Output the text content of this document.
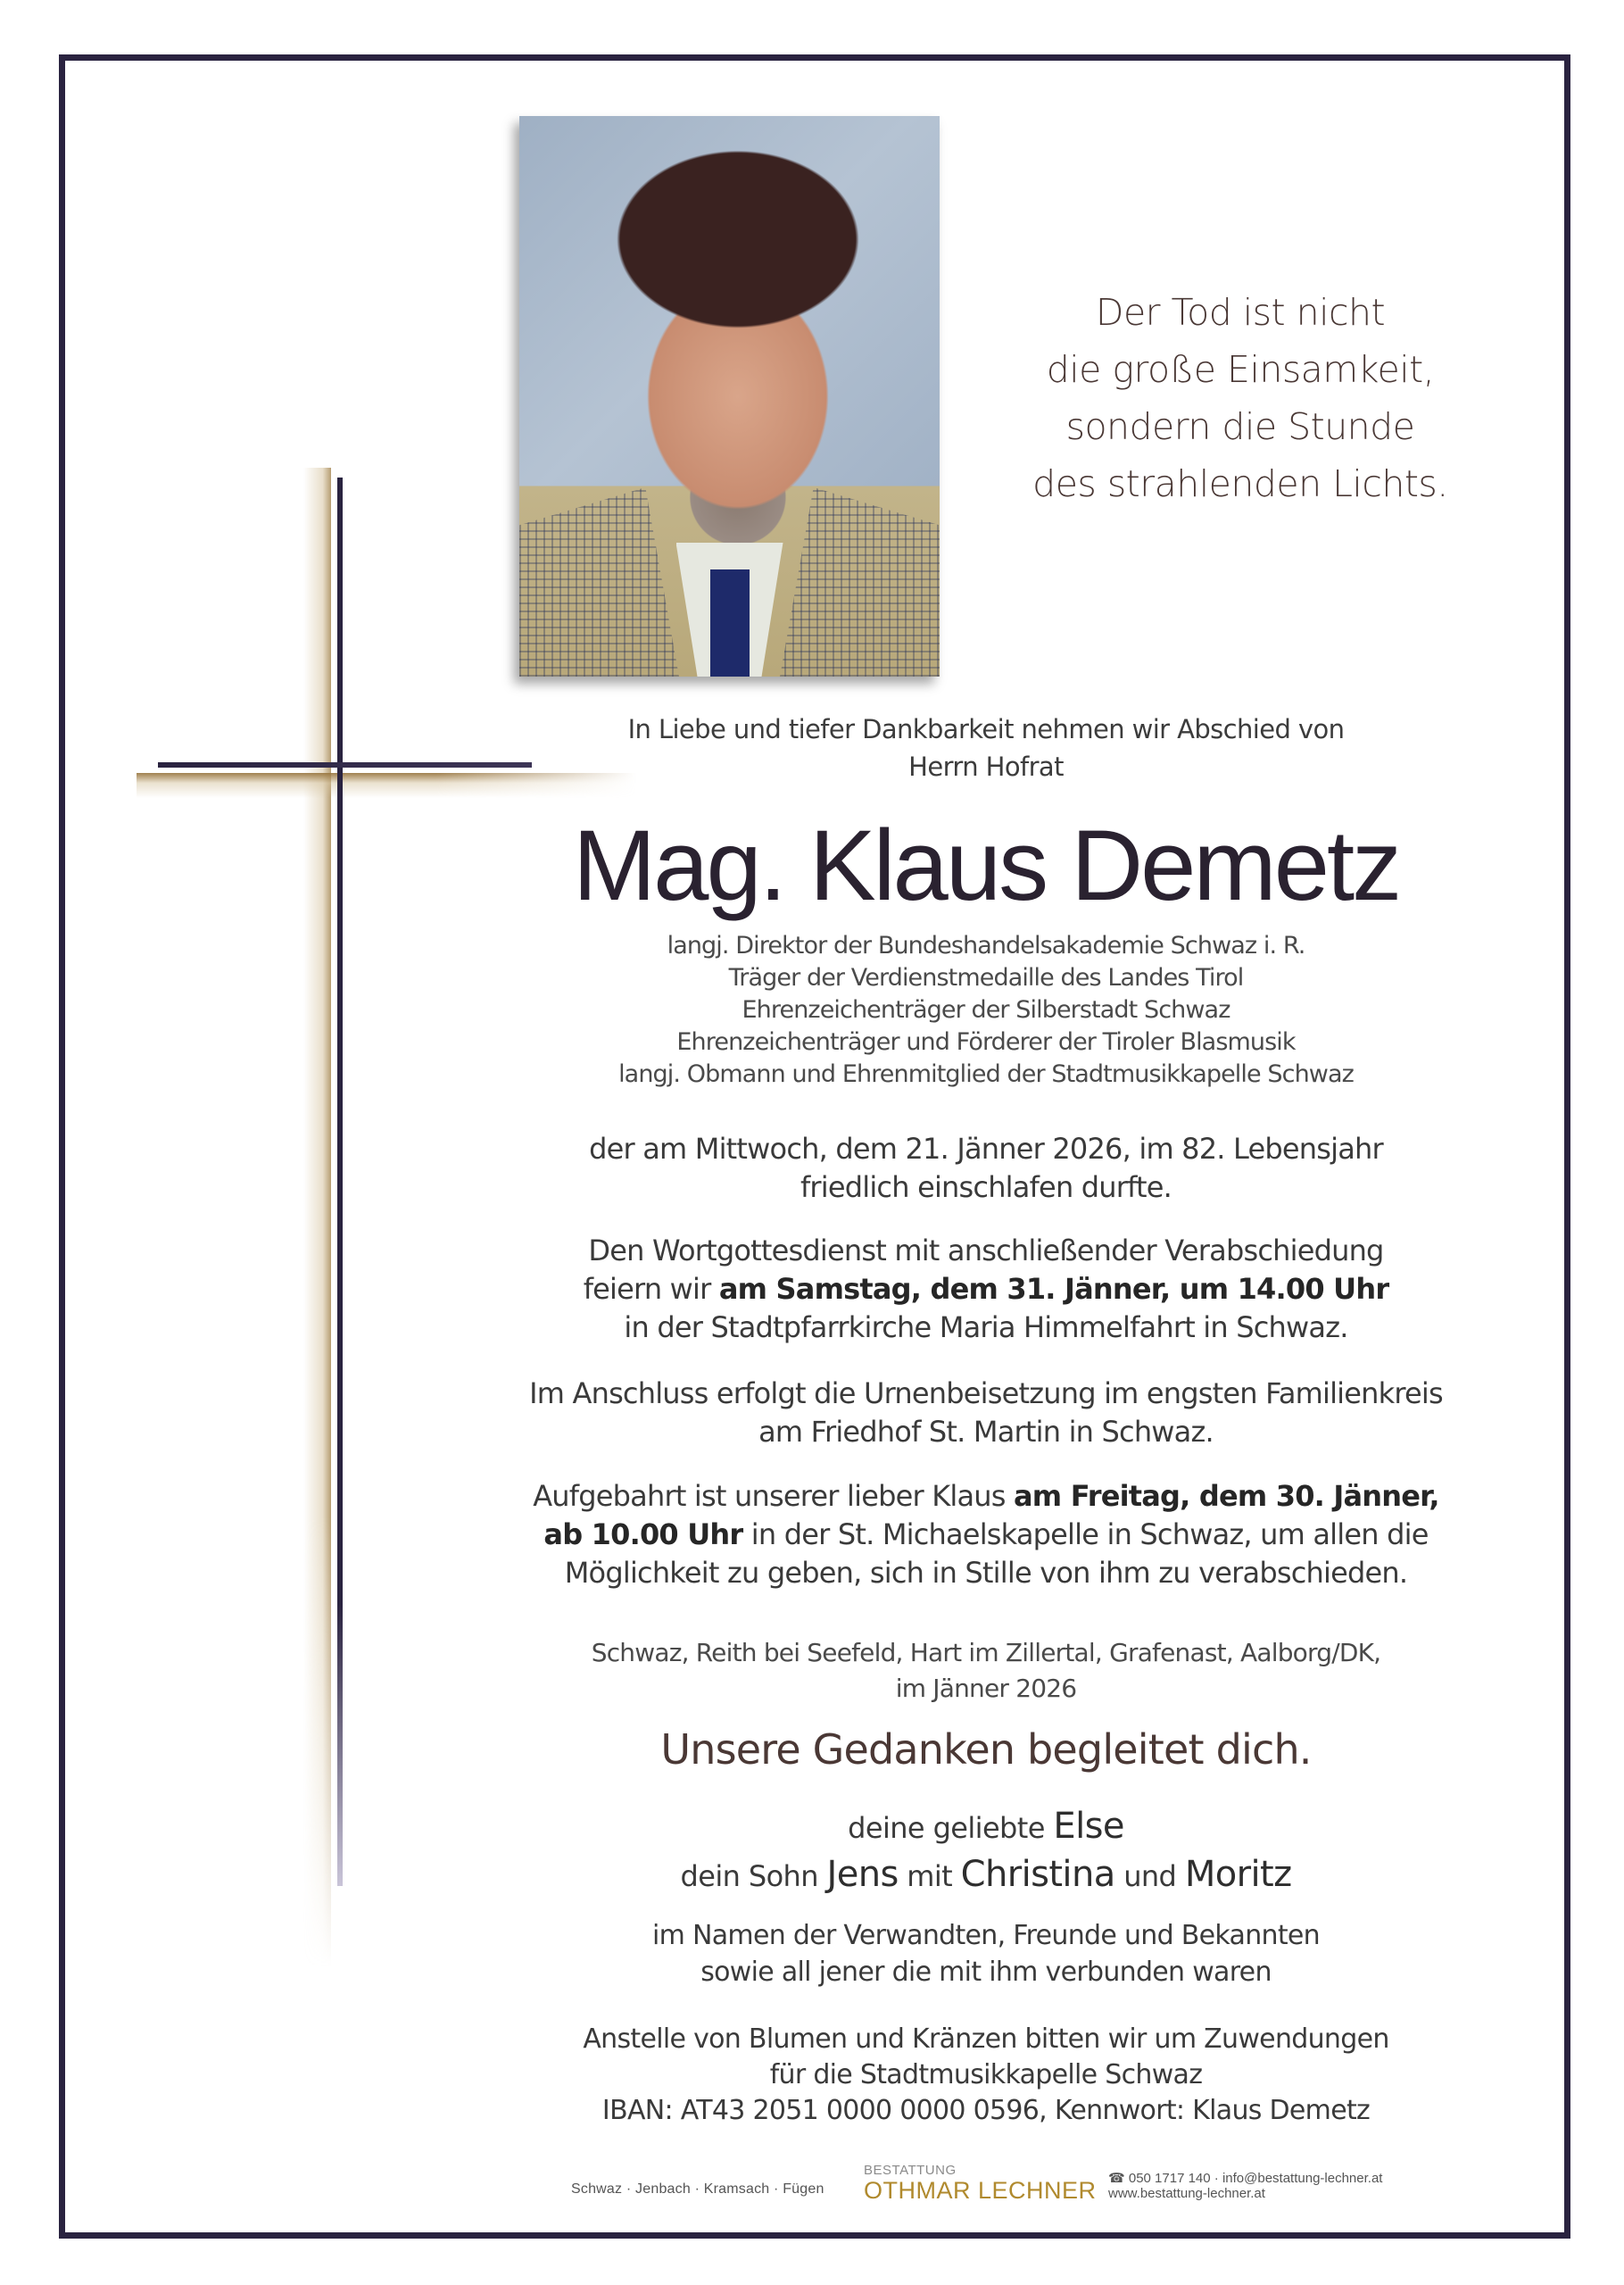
Der Tod ist nicht
die große Einsamkeit,
sondern die Stunde
des strahlenden Lichts.
In Liebe und tiefer Dankbarkeit nehmen wir Abschied von
Herrn Hofrat
Mag. Klaus Demetz
langj. Direktor der Bundeshandelsakademie Schwaz i. R.
Träger der Verdienstmedaille des Landes Tirol
Ehrenzeichenträger der Silberstadt Schwaz
Ehrenzeichenträger und Förderer der Tiroler Blasmusik
langj. Obmann und Ehrenmitglied der Stadtmusikkapelle Schwaz
der am Mittwoch, dem 21. Jänner 2026, im 82. Lebensjahr
friedlich einschlafen durfte.
Den Wortgottesdienst mit anschließender Verabschiedung
feiern wir am Samstag, dem 31. Jänner, um 14.00 Uhr
in der Stadtpfarrkirche Maria Himmelfahrt in Schwaz.
Im Anschluss erfolgt die Urnenbeisetzung im engsten Familienkreis
am Friedhof St. Martin in Schwaz.
Aufgebahrt ist unserer lieber Klaus am Freitag, dem 30. Jänner,
ab 10.00 Uhr in der St. Michaelskapelle in Schwaz, um allen die
Möglichkeit zu geben, sich in Stille von ihm zu verabschieden.
Schwaz, Reith bei Seefeld, Hart im Zillertal, Grafenast, Aalborg/DK,
im Jänner 2026
Unsere Gedanken begleitet dich.
deine geliebte Else
dein Sohn Jens mit Christina und Moritz
im Namen der Verwandten, Freunde und Bekannten
sowie all jener die mit ihm verbunden waren
Anstelle von Blumen und Kränzen bitten wir um Zuwendungen
für die Stadtmusikkapelle Schwaz
IBAN: AT43 2051 0000 0000 0596, Kennwort: Klaus Demetz
Schwaz · Jenbach · Kramsach · Fügen
BESTATTUNG
OTHMAR LECHNER ☎ 050 1717 140 · info@bestattung-lechner.at
www.bestattung-lechner.at
